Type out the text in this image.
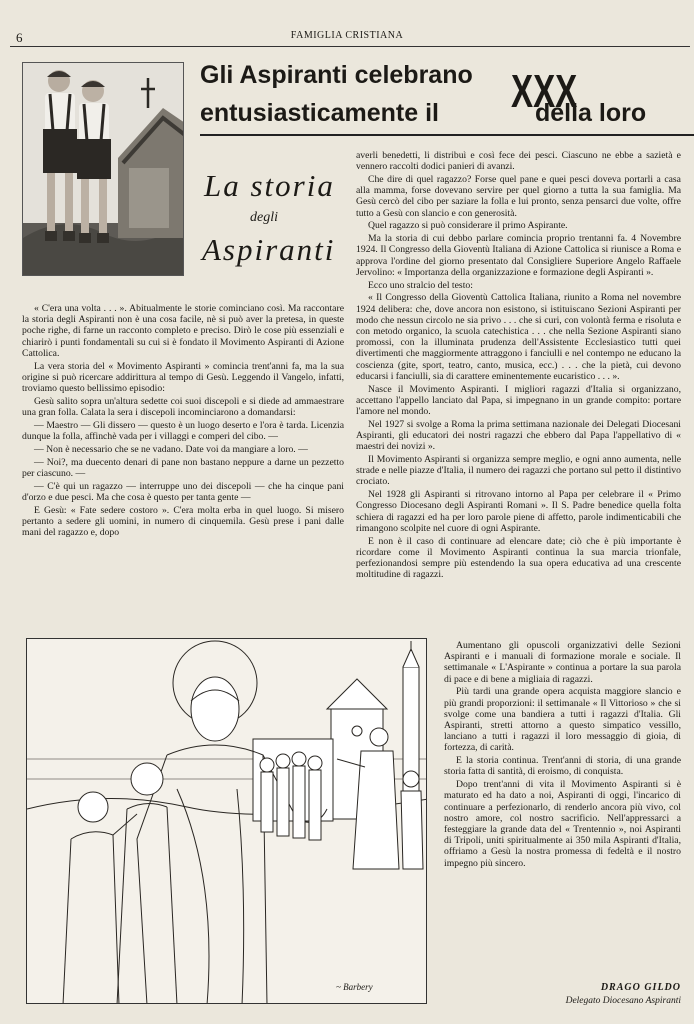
6	FAMIGLIA CRISTIANA
Gli Aspiranti celebrano
entusiasticamente il	della loro
XXX
La storia
degli
Aspiranti

« C'era una volta . . . ». Abitualmente le storie cominciano così. Ma raccontare la storia degli Aspiranti non è una cosa facile, nè si può aver la pretesa, in queste poche righe, di farne un racconto completo e preciso. Dirò le cose più essenziali e chiarirò i punti fondamentali su cui si è fondato il Movimento Aspiranti di Azione Cattolica.

La vera storia del « Movimento Aspiranti » comincia trent'anni fa, ma la sua origine si può ricercare addirittura al tempo di Gesù. Leggendo il Vangelo, infatti, troviamo questo bellissimo episodio:

Gesù salito sopra un'altura sedette coi suoi discepoli e si diede ad ammaestrare una gran folla. Calata la sera i discepoli incominciarono a domandarsi:

— Maestro — Gli dissero — questo è un luogo deserto e l'ora è tarda. Licenzia dunque la folla, affinchè vada per i villaggi e comperi del cibo. —

— Non è necessario che se ne vadano. Date voi da mangiare a loro. —

— Noi?, ma duecento denari di pane non bastano neppure a darne un pezzetto per ciascuno. —

— C'è qui un ragazzo — interruppe uno dei discepoli — che ha cinque pani d'orzo e due pesci. Ma che cosa è questo per tanta gente —

E Gesù: « Fate sedere costoro ». C'era molta erba in quel luogo. Si misero pertanto a sedere gli uomini, in numero di cinquemila. Gesù prese i pani dalle mani del ragazzo e, dopo

averli benedetti, li distribuì e così fece dei pesci. Ciascuno ne ebbe a sazietà e vennero raccolti dodici panieri di avanzi.

Che dire di quel ragazzo? Forse quel pane e quei pesci doveva portarli a casa alla mamma, forse dovevano servire per quel giorno a tutta la sua famiglia. Ma Gesù cercò del cibo per saziare la folla e lui pronto, senza pensarci due volte, offre tutto a Gesù con slancio e con generosità.

Quel ragazzo si può considerare il primo Aspirante.

Ma la storia di cui debbo parlare comincia proprio trentanni fa. 4 Novembre 1924. Il Congresso della Gioventù Italiana di Azione Cattolica si riunisce a Roma e approva l'ordine del giorno presentato dal Consigliere Superiore Angelo Raffaele Jervolino: « Importanza della organizzazione e formazione degli Aspiranti ».

Ecco uno stralcio del testo:

« Il Congresso della Gioventù Cattolica Italiana, riunito a Roma nel novembre 1924 delibera: che, dove ancora non esistono, si istituiscano Sezioni Aspiranti per modo che nessun circolo ne sia privo . . . che si curi, con volontà ferma e risoluta e con metodo organico, la scuola catechistica . . . che nella Sezione Aspiranti siano promossi, con la illuminata prudenza dell'Assistente Ecclesiastico tutti quei divertimenti che maggiormente attraggono i fanciulli e nel contempo ne educano la coscienza (gite, sport, teatro, canto, musica, ecc.) . . . che la pietà, cui devono educarsi i fanciulli, sia di carattere eminentemente eucaristico . . . ».

Nasce il Movimento Aspiranti. I migliori ragazzi d'Italia si organizzano, accettano l'appello lanciato dal Papa, si impegnano in un grande compito: portare l'amore nel mondo.

Nel 1927 si svolge a Roma la prima settimana nazionale dei Delegati Diocesani Aspiranti, gli educatori dei nostri ragazzi che ebbero dal Papa l'appellativo di « maestri dei novizi ».

Il Movimento Aspiranti si organizza sempre meglio, e ogni anno aumenta, nelle strade e nelle piazze d'Italia, il numero dei ragazzi che portano sul petto il distintivo crociato.

Nel 1928 gli Aspiranti si ritrovano intorno al Papa per celebrare il « Primo Congresso Diocesano degli Aspiranti Romani ». Il S. Padre benedice quella folta schiera di ragazzi ed ha per loro parole piene di affetto, parole indimenticabili che rimangono scolpite nel cuore di ogni Aspirante.

E non è il caso di continuare ad elencare date; ciò che è più importante è ricordare come il Movimento Aspiranti continua la sua marcia trionfale, perfezionandosi sempre più estendendo la sua opera educativa ad una crescente moltitudine di ragazzi.

~ Barbery

Aumentano gli opuscoli organizzativi delle Sezioni Aspiranti e i manuali di formazione morale e sociale. Il settimanale « L'Aspirante » continua a portare la sua parola di pace e di bene a migliaia di ragazzi.

Più tardi una grande opera acquista maggiore slancio e più grandi proporzioni: il settimanale « Il Vittorioso » che si svolge come una bandiera a tutti i ragazzi d'Italia. Gli Aspiranti, stretti attorno a questo simpatico vessillo, lanciano a tutti i ragazzi il loro messaggio di gioia, di fortezza, di carità.

E la storia continua. Trent'anni di storia, di una grande storia fatta di santità, di eroismo, di conquista.

Dopo trent'anni di vita il Movimento Aspiranti si è maturato ed ha dato a noi, Aspiranti di oggi, l'incarico di continuare a perfezionarlo, di renderlo ancora più vivo, col nostro amore, col nostro sacrificio. Nell'appressarci a festeggiare la grande data del « Trentennio », noi Aspiranti di Tripoli, uniti spiritualmente ai 350 mila Aspiranti d'Italia, offriamo a Gesù la nostra promessa di fedeltà e il nostro impegno più sincero.

DRAGO GILDO
Delegato Diocesano Aspiranti
